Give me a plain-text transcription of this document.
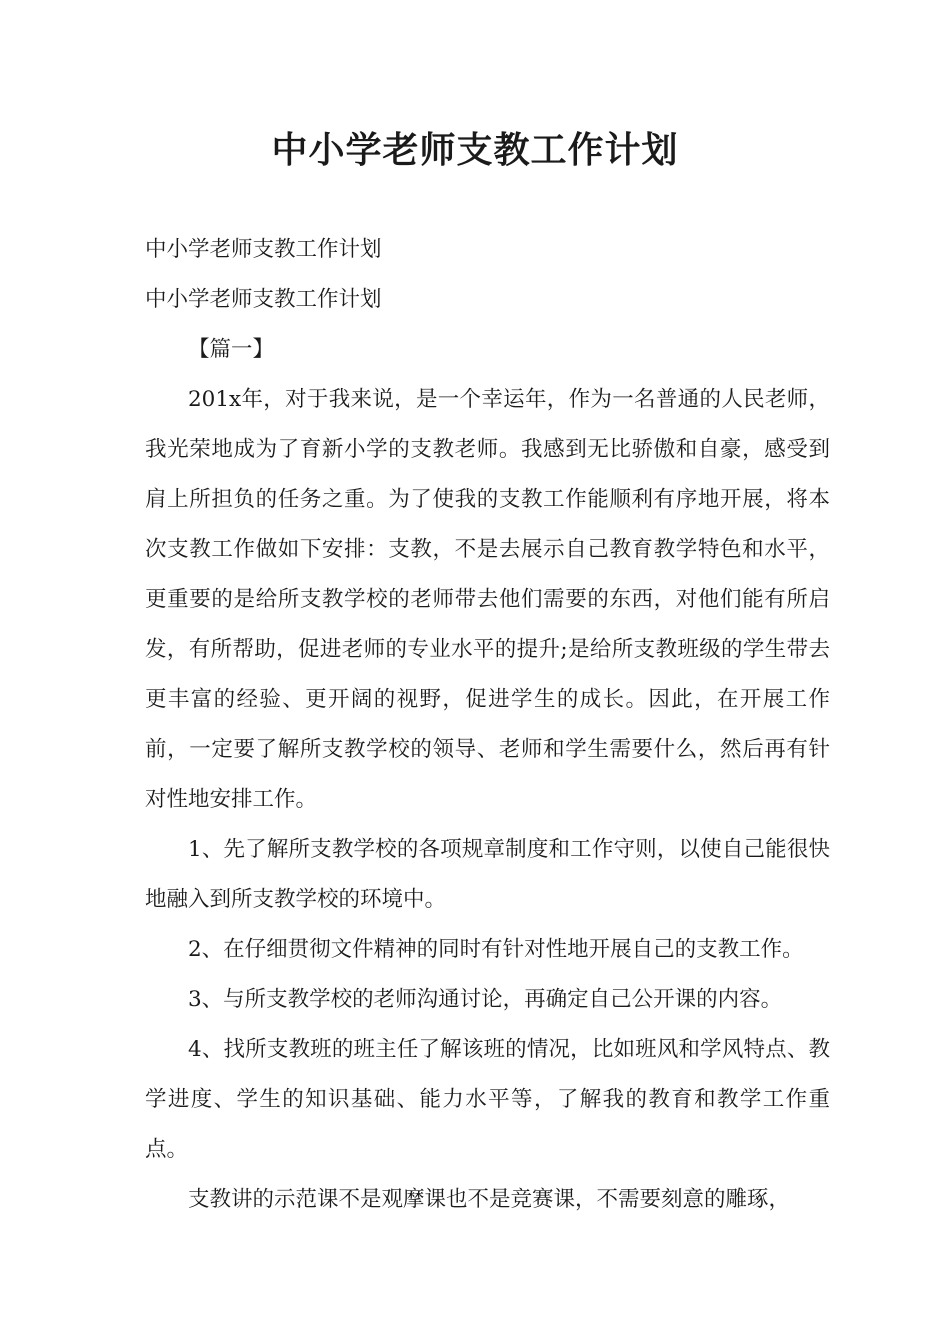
中小学老师支教工作计划

中小学老师支教工作计划

中小学老师支教工作计划

【篇一】

201x年，对于我来说，是一个幸运年，作为一名普通的人民老师，我光荣地成为了育新小学的支教老师。我感到无比骄傲和自豪，感受到肩上所担负的任务之重。为了使我的支教工作能顺利有序地开展，将本次支教工作做如下安排：支教，不是去展示自己教育教学特色和水平，更重要的是给所支教学校的老师带去他们需要的东西，对他们能有所启发，有所帮助，促进老师的专业水平的提升;是给所支教班级的学生带去更丰富的经验、更开阔的视野，促进学生的成长。因此，在开展工作前，一定要了解所支教学校的领导、老师和学生需要什么，然后再有针对性地安排工作。

1、先了解所支教学校的各项规章制度和工作守则，以使自己能很快地融入到所支教学校的环境中。

2、在仔细贯彻文件精神的同时有针对性地开展自己的支教工作。

3、与所支教学校的老师沟通讨论，再确定自己公开课的内容。

4、找所支教班的班主任了解该班的情况，比如班风和学风特点、教学进度、学生的知识基础、能力水平等，了解我的教育和教学工作重点。

支教讲的示范课不是观摩课也不是竞赛课，不需要刻意的雕琢，
